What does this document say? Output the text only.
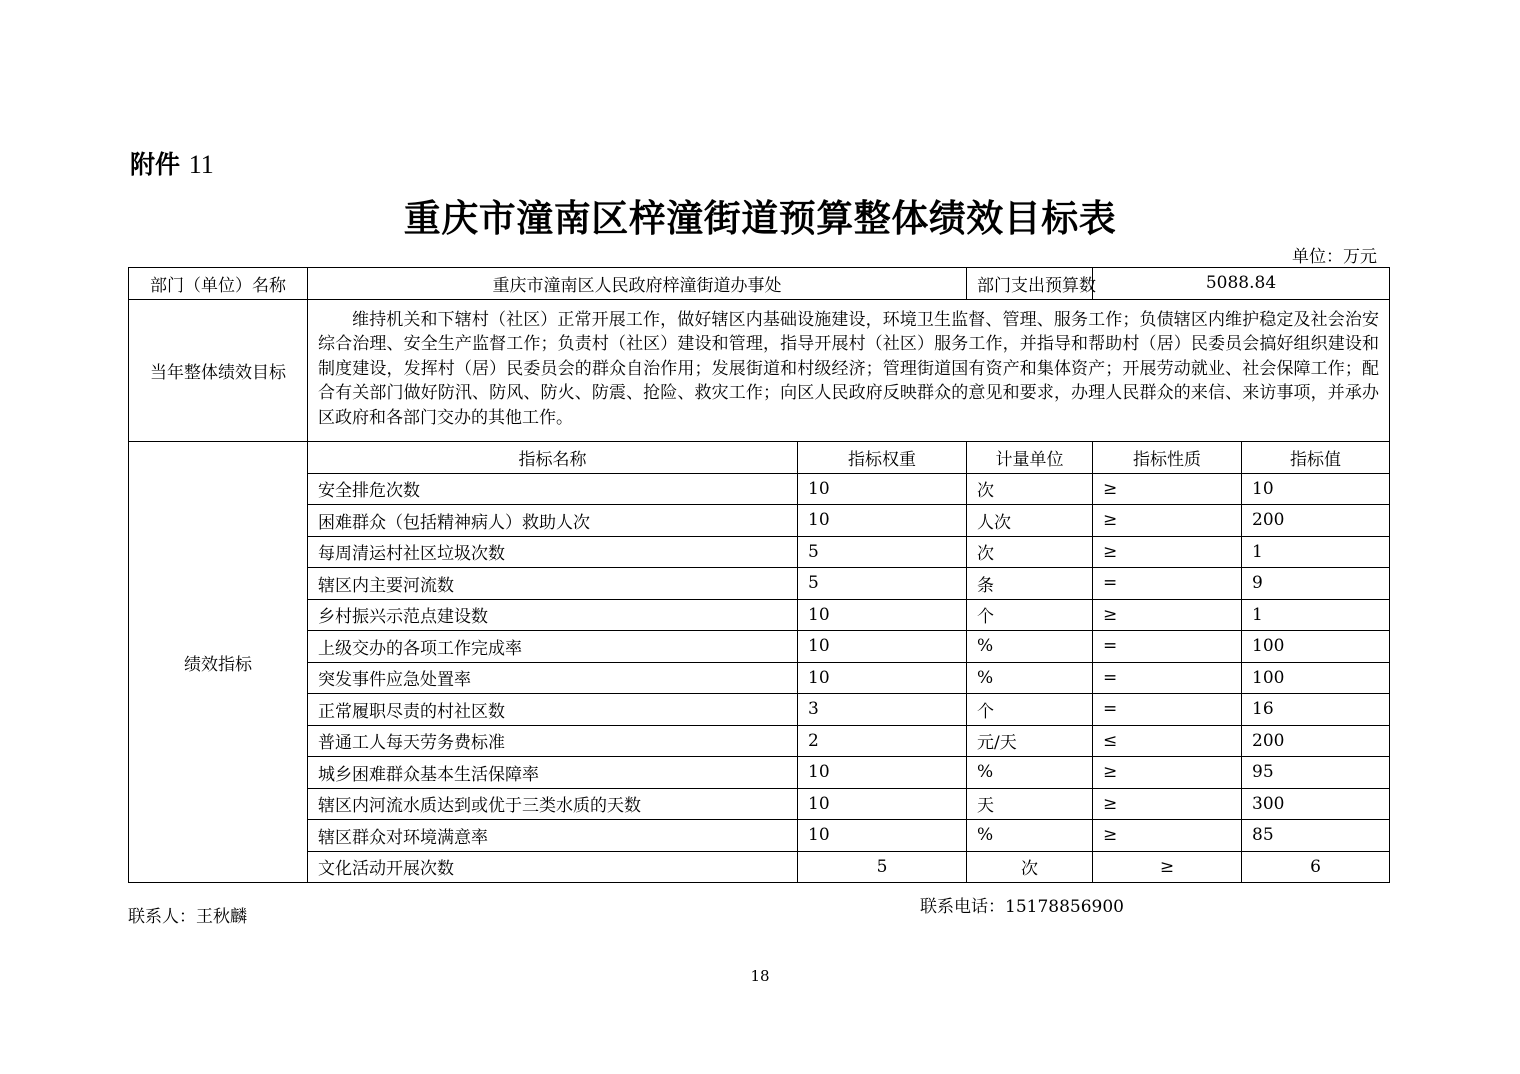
附件 11
重庆市潼南区梓潼街道预算整体绩效目标表
单位：万元
部门（单位）名称	重庆市潼南区人民政府梓潼街道办事处		部门支出预算数	5088.84	
当年整体绩效目标	维持机关和下辖村（社区）正常开展工作，做好辖区内基础设施建设，环境卫生监督、管理、服务工作；负债辖区内维护稳定及社会治安综合治理、安全生产监督工作；负责村（社区）建设和管理，指导开展村（社区）服务工作，并指导和帮助村（居）民委员会搞好组织建设和制度建设，发挥村（居）民委员会的群众自治作用；发展街道和村级经济；管理街道国有资产和集体资产；开展劳动就业、社会保障工作；配合有关部门做好防汛、防风、防火、防震、抢险、救灾工作；向区人民政府反映群众的意见和要求，办理人民群众的来信、来访事项，并承办区政府和各部门交办的其他工作。				
绩效指标	指标名称	指标权重	计量单位	指标性质	指标值
	安全排危次数	10	次	≥	10
	困难群众（包括精神病人）救助人次	10	人次	≥	200
	每周清运村社区垃圾次数	5	次	≥	1
	辖区内主要河流数	5	条	=	9
	乡村振兴示范点建设数	10	个	≥	1
	上级交办的各项工作完成率	10	%	=	100
	突发事件应急处置率	10	%	=	100
	正常履职尽责的村社区数	3	个	=	16
	普通工人每天劳务费标准	2	元/天	≤	200
	城乡困难群众基本生活保障率	10	%	≥	95
	辖区内河流水质达到或优于三类水质的天数	10	天	≥	300
	辖区群众对环境满意率	10	%	≥	85
	文化活动开展次数	5	次	≥	6
联系人：王秋麟	联系电话：15178856900
18
